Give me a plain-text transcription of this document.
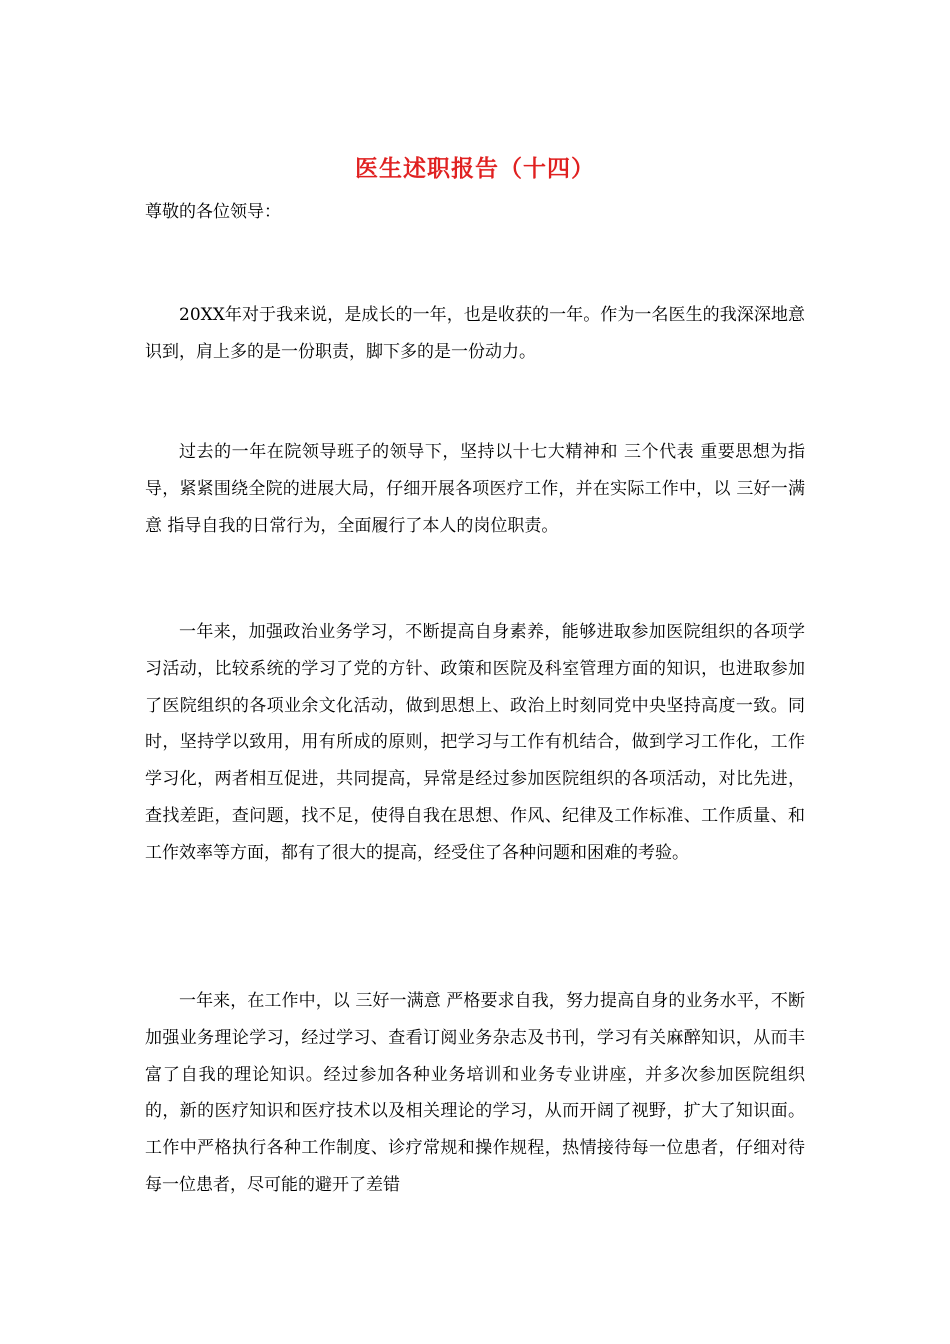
医生述职报告（十四）
尊敬的各位领导：

20XX年对于我来说，是成长的一年，也是收获的一年。作为一名医生的我深深地意识到，肩上多的是一份职责，脚下多的是一份动力。

过去的一年在院领导班子的领导下，坚持以十七大精神和 三个代表 重要思想为指导，紧紧围绕全院的进展大局，仔细开展各项医疗工作，并在实际工作中，以 三好一满意 指导自我的日常行为，全面履行了本人的岗位职责。

一年来，加强政治业务学习，不断提高自身素养，能够进取参加医院组织的各项学习活动，比较系统的学习了党的方针、政策和医院及科室管理方面的知识，也进取参加了医院组织的各项业余文化活动，做到思想上、政治上时刻同党中央坚持高度一致。同时，坚持学以致用，用有所成的原则，把学习与工作有机结合，做到学习工作化，工作学习化，两者相互促进，共同提高，异常是经过参加医院组织的各项活动，对比先进，查找差距，查问题，找不足，使得自我在思想、作风、纪律及工作标准、工作质量、和工作效率等方面，都有了很大的提高，经受住了各种问题和困难的考验。

一年来，在工作中，以 三好一满意 严格要求自我，努力提高自身的业务水平，不断加强业务理论学习，经过学习、查看订阅业务杂志及书刊，学习有关麻醉知识，从而丰富了自我的理论知识。经过参加各种业务培训和业务专业讲座，并多次参加医院组织的，新的医疗知识和医疗技术以及相关理论的学习，从而开阔了视野，扩大了知识面。工作中严格执行各种工作制度、诊疗常规和操作规程，热情接待每一位患者，仔细对待每一位患者，尽可能的避开了差错
